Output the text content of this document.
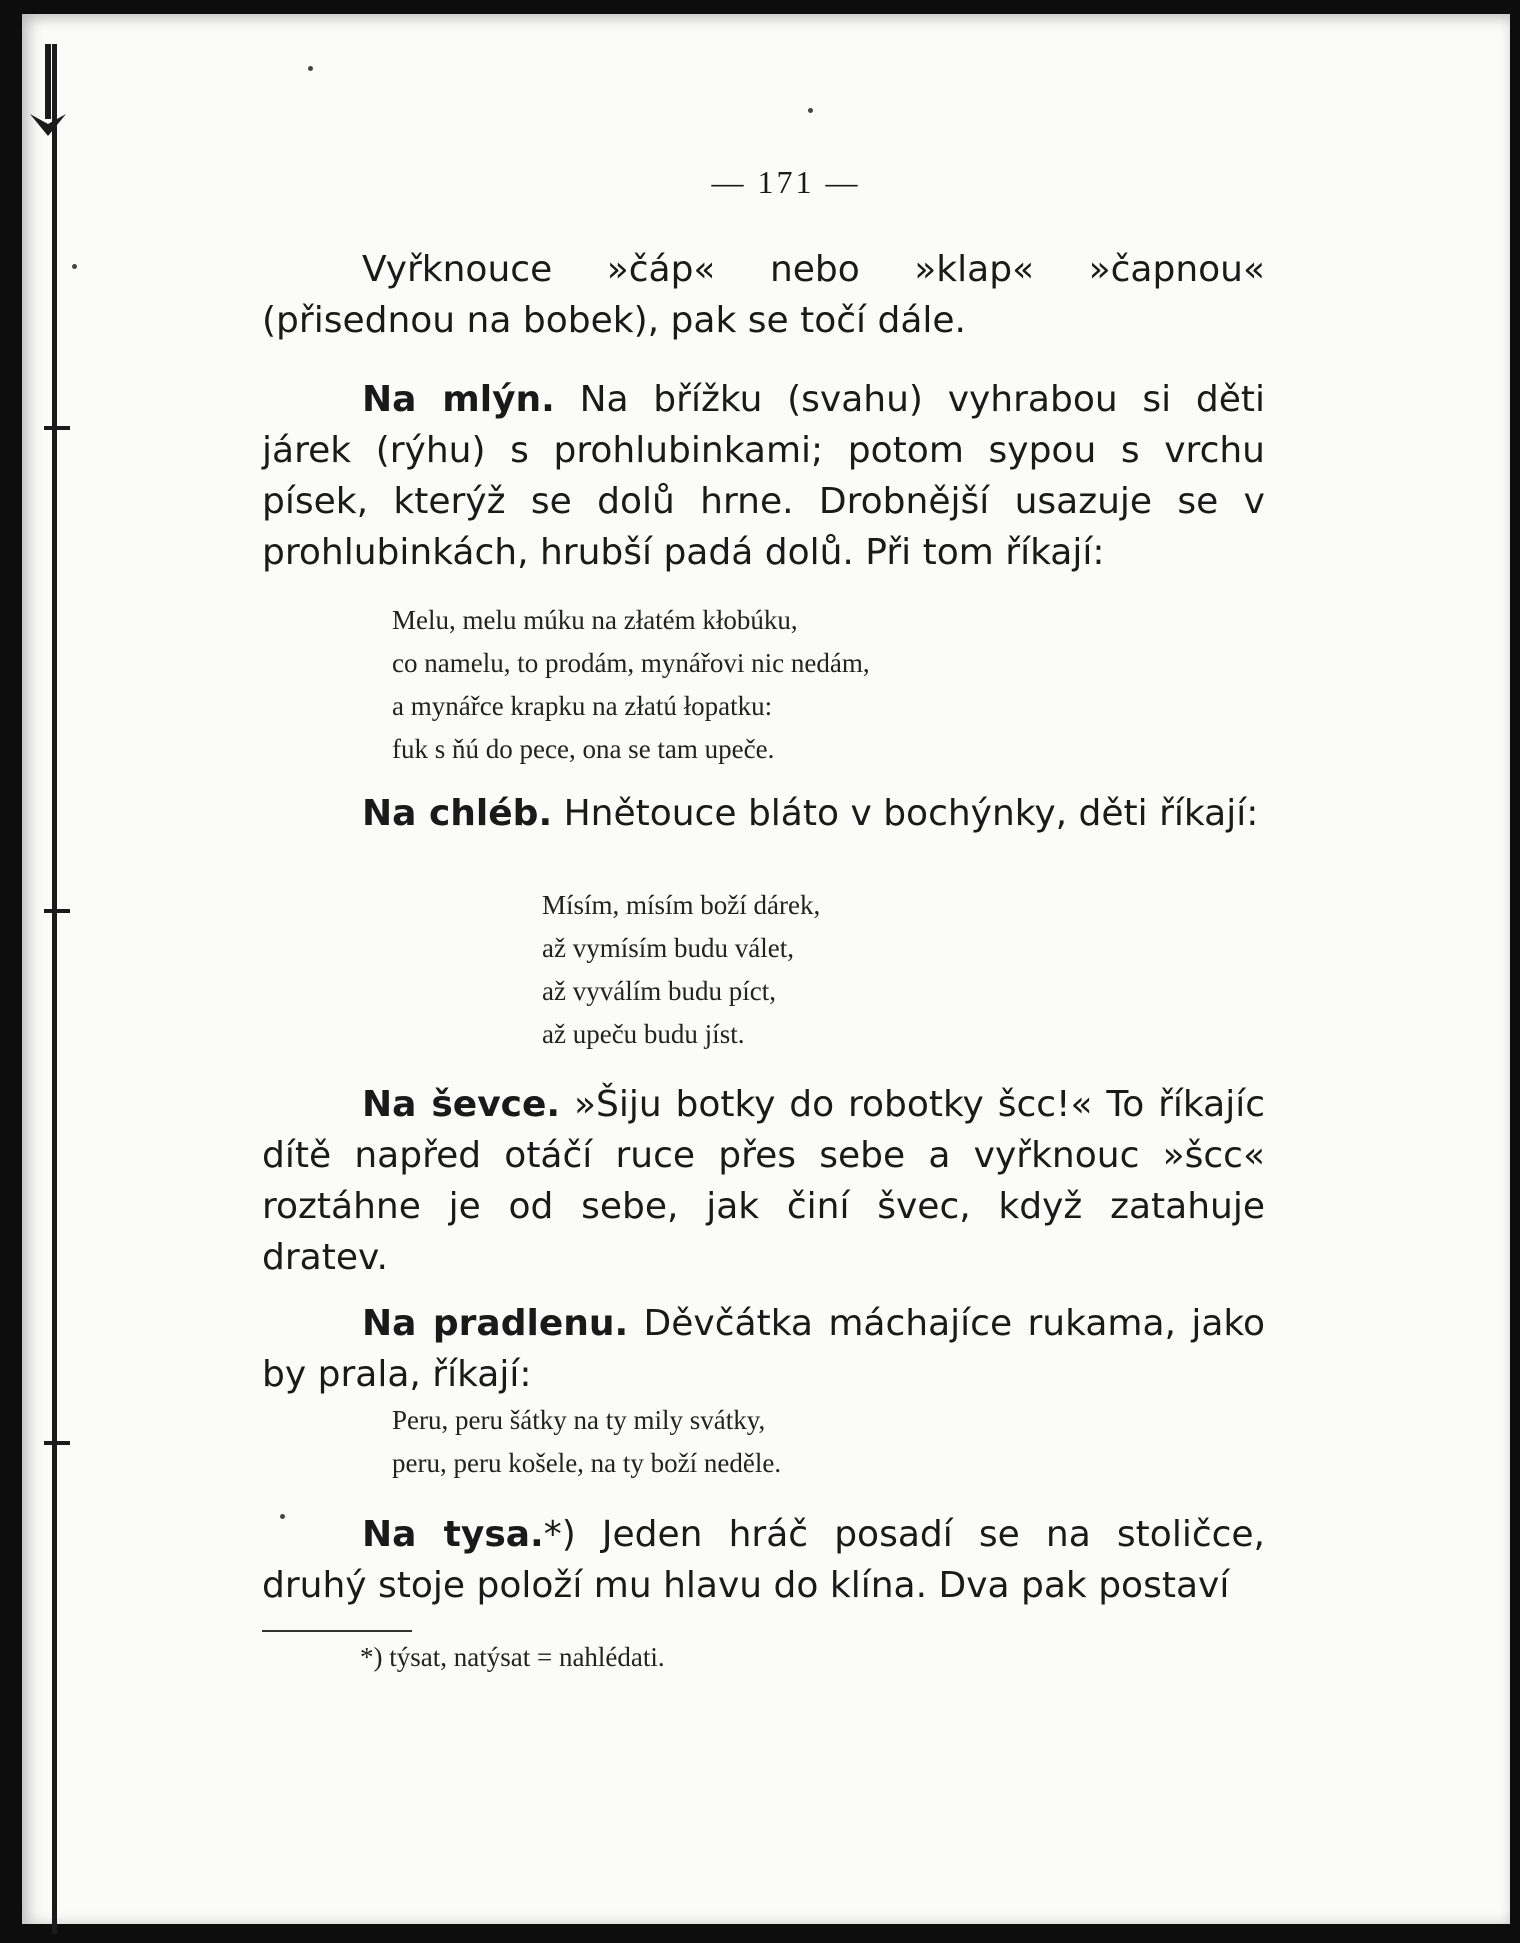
— 171 —

Vyřknouce »čáp« nebo »klap« »čapnou« (přisednou na bobek), pak se točí dále.

Na mlýn. Na břížku (svahu) vyhrabou si děti járek (rýhu) s prohlubinkami; potom sypou s vrchu písek, kterýž se dolů hrne. Drobnější usazuje se v prohlubinkách, hrubší padá dolů. Při tom říkají:

Melu, melu múku na złatém kłobúku,
co namelu, to prodám, mynářovi nic nedám,
a mynářce krapku na złatú łopatku:
fuk s ňú do pece, ona se tam upeče.

Na chléb. Hnětouce bláto v bochýnky, děti říkají:

Mísím, mísím boží dárek,
až vymísím budu válet,
až vyválím budu píct,
až upeču budu jíst.

Na ševce. »Šiju botky do robotky šcc!« To říkajíc dítě napřed otáčí ruce přes sebe a vyřknouc »šcc« roztáhne je od sebe, jak činí švec, když zatahuje dratev.

Na pradlenu. Děvčátka máchajíce rukama, jako by prala, říkají:

Peru, peru šátky na ty mily svátky,
peru, peru košele, na ty boží neděle.

Na tysa.*) Jeden hráč posadí se na stoličce, druhý stoje položí mu hlavu do klína. Dva pak postaví

*) týsat, natýsat = nahlédati.
